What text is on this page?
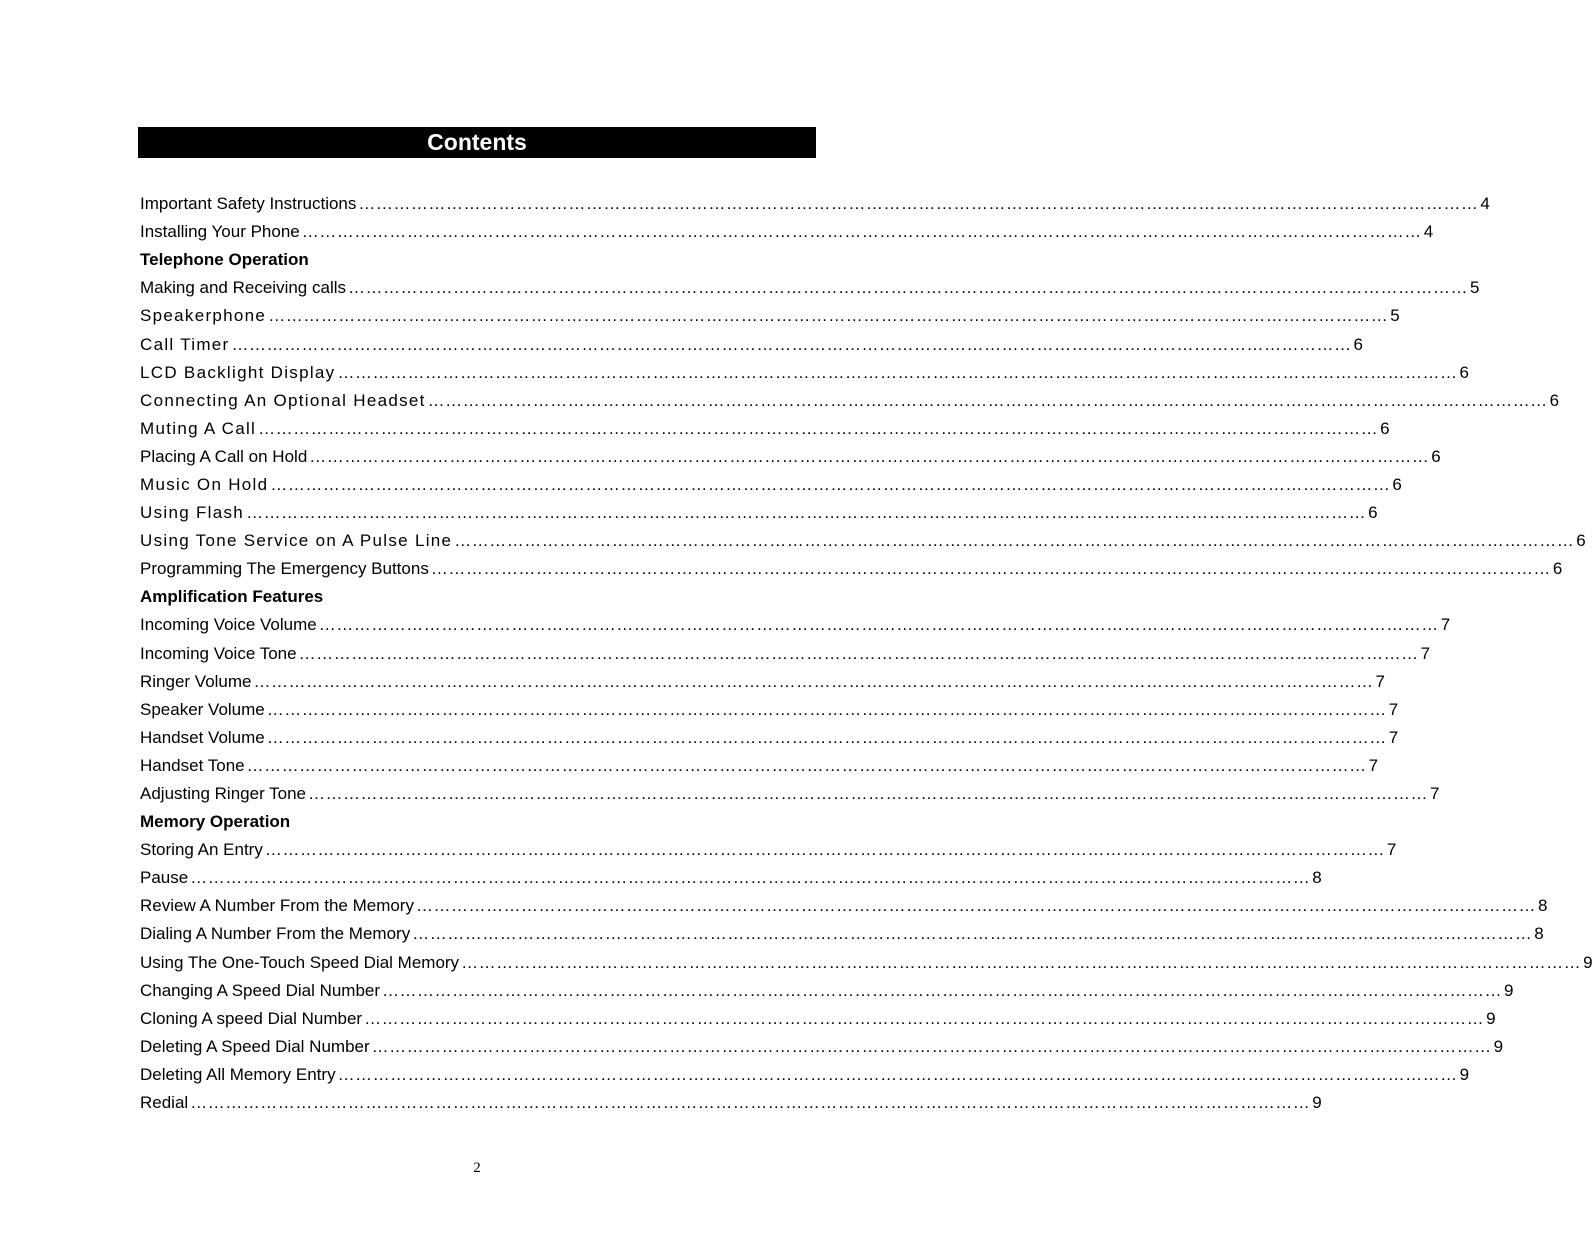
Contents
Important Safety Instructions ………………………………………………………………………………………………………………………………………………………………………… 4
Installing Your Phone ………………………………………………………………………………………………………………………………………………………………………… 4
Telephone Operation
Making and Receiving calls ………………………………………………………………………………………………………………………………………………………………………… 5
Speakerphone ………………………………………………………………………………………………………………………………………………………………………… 5
Call Timer ………………………………………………………………………………………………………………………………………………………………………… 6
LCD Backlight Display ………………………………………………………………………………………………………………………………………………………………………… 6
Connecting An Optional Headset ………………………………………………………………………………………………………………………………………………………………………… 6
Muting A Call ………………………………………………………………………………………………………………………………………………………………………… 6
Placing A Call on Hold ………………………………………………………………………………………………………………………………………………………………………… 6
Music On Hold ………………………………………………………………………………………………………………………………………………………………………… 6
Using Flash ………………………………………………………………………………………………………………………………………………………………………… 6
Using Tone Service on A Pulse Line ………………………………………………………………………………………………………………………………………………………………………… 6
Programming The Emergency Buttons ………………………………………………………………………………………………………………………………………………………………………… 6
Amplification Features
Incoming Voice Volume ………………………………………………………………………………………………………………………………………………………………………… 7
Incoming Voice Tone ………………………………………………………………………………………………………………………………………………………………………… 7
Ringer Volume ………………………………………………………………………………………………………………………………………………………………………… 7
Speaker Volume ………………………………………………………………………………………………………………………………………………………………………… 7
Handset Volume ………………………………………………………………………………………………………………………………………………………………………… 7
Handset Tone ………………………………………………………………………………………………………………………………………………………………………… 7
Adjusting Ringer Tone ………………………………………………………………………………………………………………………………………………………………………… 7
Memory Operation
Storing An Entry ………………………………………………………………………………………………………………………………………………………………………… 7
Pause ………………………………………………………………………………………………………………………………………………………………………… 8
Review A Number From the Memory ………………………………………………………………………………………………………………………………………………………………………… 8
Dialing A Number From the Memory ………………………………………………………………………………………………………………………………………………………………………… 8
Using The One-Touch Speed Dial Memory ………………………………………………………………………………………………………………………………………………………………………… 9
Changing A Speed Dial Number ………………………………………………………………………………………………………………………………………………………………………… 9
Cloning A speed Dial Number ………………………………………………………………………………………………………………………………………………………………………… 9
Deleting A Speed Dial Number ………………………………………………………………………………………………………………………………………………………………………… 9
Deleting All Memory Entry ………………………………………………………………………………………………………………………………………………………………………… 9
Redial ………………………………………………………………………………………………………………………………………………………………………… 9
2
